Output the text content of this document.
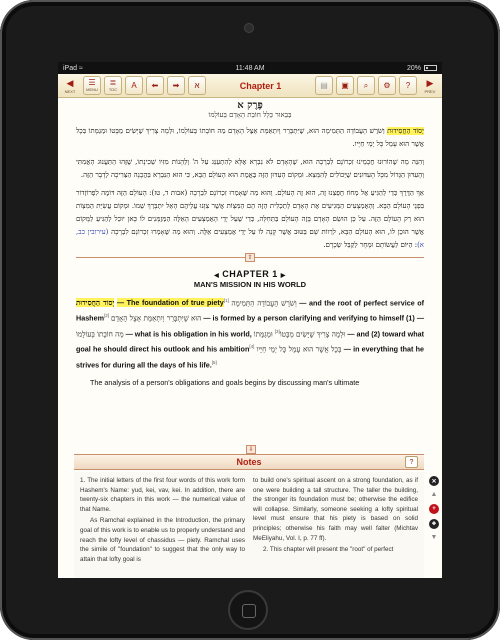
iPad ≈	11:48 AM	20%
◀
NEXT
☰
MENU
≣
TOC A ⬅ ➡ א	Chapter 1	▤ ▣ ⌕ ⚙ ? ▶
PREV
פֶּרֶק א
בְּבֵאוּר כְּלָל חוֹבַת הָאָדָם בְּעוֹלָמוֹ

יְסוֹד הַחֲסִידוּת וְשֹׁרֶשׁ הָעֲבוֹדָה הַתְּמִימָה הוּא, שֶׁיִּתְבָּרֵר וְיִתְאַמֵּת אֵצֶל הָאָדָם מַה חוֹבָתוֹ בְּעוֹלָמוֹ, וּלְמָה צָרִיךְ שֶׁיָּשִׂים מַבָּטוֹ וּמְגַמָּתוֹ בְּכָל אֲשֶׁר הוּא עָמֵל כָּל יְמֵי חַיָּיו.

וְהִנֵּה מָה שֶׁהוֹרוּנוּ חֲכָמֵינוּ זִכְרוֹנָם לִבְרָכָה הוּא, שֶׁהָאָדָם לֹא נִבְרָא אֶלָּא לְהִתְעַנֵּג עַל ה' וְלֵהָנוֹת מִזִּיו שְׁכִינָתוֹ, שֶׁזֶּהוּ הַתַּעֲנוּג הָאֲמִתִּי וְהָעִדּוּן הַגָּדוֹל מִכָּל הָעִדּוּנִים שֶׁיְּכוֹלִים לְהִמָּצֵא. וּמְקוֹם הָעִדּוּן הַזֶּה בֶּאֱמֶת הוּא הָעוֹלָם הַבָּא, כִּי הוּא הַנִּבְרָא בַּהֲכָנָה הַצְּרִיכָה לְדָבָר הַזֶּה.

אַךְ הַדֶּרֶךְ כְּדֵי לְהַגִּיעַ אֶל מְחוֹז חֶפְצֵנוּ זֶה, הוּא זֶה הָעוֹלָם. וְהוּא מַה שֶּׁאָמְרוּ זִכְרוֹנָם לִבְרָכָה (אבות ד, טז): הָעוֹלָם הַזֶּה דּוֹמֶה לִפְרוֹזְדוֹר בִּפְנֵי הָעוֹלָם הַבָּא. וְהָאֶמְצָעִים הַמְּגִיעִים אֶת הָאָדָם לְתַכְלִית הַזֶּה הֵם הַמִּצְוֹת אֲשֶׁר צִוָּנוּ עֲלֵיהֶם הָאֵל יִתְבָּרַךְ שְׁמוֹ. וּמְקוֹם עֲשִׂיַּת הַמִּצְוֹת הוּא רַק הָעוֹלָם הַזֶּה. עַל כֵּן הוּשַׂם הָאָדָם בָּזֶה הָעוֹלָם בַּתְּחִלָּה, כְּדֵי שֶׁעַל יְדֵי הָאֶמְצָעִים הָאֵלֶּה הַמְּזֻמָּנִים לוֹ כָּאן יוּכַל לְהַגִּיעַ לַמָּקוֹם אֲשֶׁר הוּכַן לוֹ, הוּא הָעוֹלָם הַבָּא, לִרְווֹת שָׁם בַּטּוּב אֲשֶׁר קָנָה לוֹ עַל יְדֵי אֶמְצָעִים אֵלֶּה. וְהוּא מַה שֶּׁאָמְרוּ זִכְרוֹנָם לִבְרָכָה (עירובין כב, א): הַיּוֹם לַעֲשׂוֹתָם וּמָחָר לְקַבֵּל שְׂכָרָם.

⇧
◀ CHAPTER 1 ▶
MAN'S MISSION IN HIS WORLD

יְסוֹד הַחֲסִידוּת — The foundation of true piety[1] וְשֹׁרֶשׁ הָעֲבוֹדָה הַתְּמִימָה — and the root of perfect service of Hashem[2] הוּא שֶׁיִּתְבָּרֵר וְיִתְאַמֵּת אֵצֶל הָאָדָם — is formed by a person clarifying and verifying to himself (1) — מַה חוֹבָתוֹ בְּעוֹלָמוֹ — what is his obligation in his world,	וּלְמָה צָרִיךְ שֶׁיָּשִׂים מַבָּטוֹ[3] וּמְגַמָּתוֹ	— and (2) toward what goal he should direct his outlook and his ambition[4] בְּכָל אֲשֶׁר הוּא עָמֵל כָּל יְמֵי חַיָּיו — in everything that he strives for during all the days of his life.[5]

The analysis of a person's obligations and goals begins by discussing man's ultimate

⇩
Notes	?

1. The initial letters of the first four words of this work form Hashem's Name: yud, kei, vav, kei. In addition, there are twenty-six chapters in this work — the numerical value of that Name.

As Ramchal explained in the Introduction, the primary goal of this work is to enable us to properly understand and reach the lofty level of chassidus — piety. Ramchal uses the simile of "foundation" to suggest that the only way to attain that lofty goal is

to build one's spiritual ascent on a strong foundation, as if one were building a tall structure. The taller the building, the stronger its foundation must be; otherwise the edifice will collapse. Similarly, someone seeking a lofty spiritual level must ensure that his piety is based on solid principles; otherwise his faith may well falter (Michtav MeEliyahu, Vol. I, p. 77 ff).

2. This chapter will present the "root" of perfect

✕
▲
+
✥
▼
